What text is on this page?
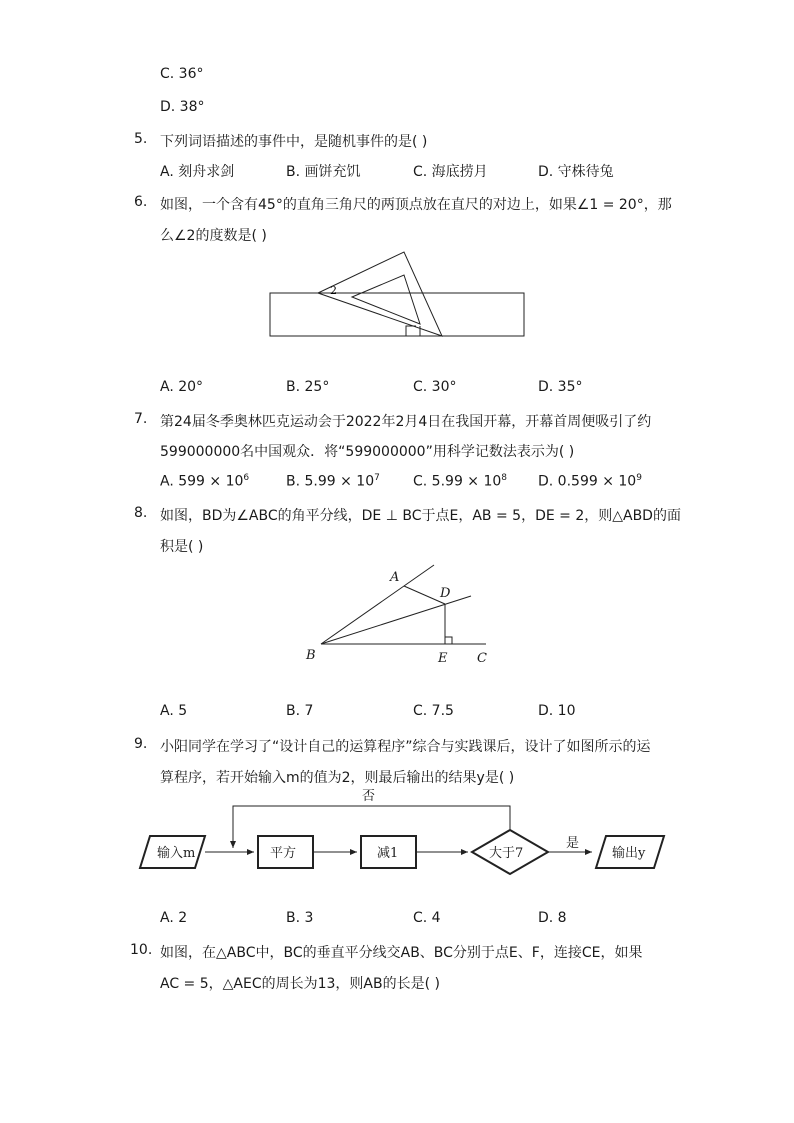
C. 36°
D. 38°
5. 下列词语描述的事件中，是随机事件的是( )
A. 刻舟求剑	B. 画饼充饥	C. 海底捞月	D. 守株待兔
6. 如图，一个含有45°的直角三角尺的两顶点放在直尺的对边上，如果∠1 = 20°，那
么∠2的度数是( )
2
A. 20°	B. 25°	C. 30°	D. 35°
7. 第24届冬季奥林匹克运动会于2022年2月4日在我国开幕，开幕首周便吸引了约
599000000名中国观众．将“599000000”用科学记数法表示为( )
A. $599 \times 10^6$	B. $5.99 \times 10^7$ C. $5.99 \times 10^8$ D. $0.599 \times 10^9$
8. 如图，BD为∠ABC的角平分线，DE ⊥ BC于点E，AB = 5，DE = 2，则△ABD的面
积是( )
A
D
B	E C
A. 5	B. 7	C. 7.5	D. 10
9. 小阳同学在学习了“设计自己的运算程序”综合与实践课后，设计了如图所示的运
算程序，若开始输入m的值为2，则最后输出的结果y是( )
输入m	平方	减1	大于7
否
是
输出y
A. 2	B. 3	C. 4	D. 8
10. 如图，在△ABC中，BC的垂直平分线交AB、BC分别于点E、F，连接CE，如果
AC = 5，△AEC的周长为13，则AB的长是( )
